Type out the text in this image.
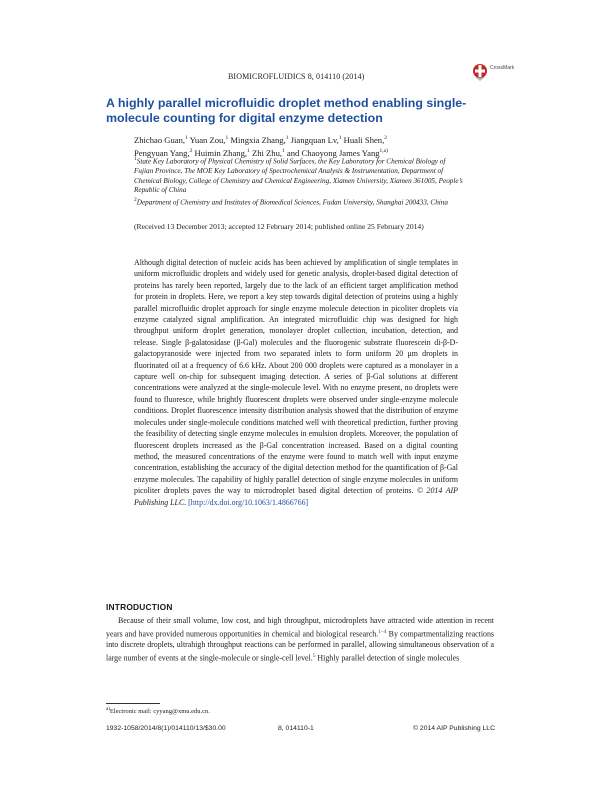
CrossMark
BIOMICROFLUIDICS 8, 014110 (2014)
A highly parallel microfluidic droplet method enabling single-molecule counting for digital enzyme detection
Zhichao Guan,$^1$ Yuan Zou,$^1$ Mingxia Zhang,$^1$ Jiangquan Lv,$^1$ Huali Shen,$^2$
Pengyuan Yang,$^2$ Huimin Zhang,$^1$ Zhi Zhu,$^1$ and Chaoyong James Yang$^{1,a)}$
$^1$State Key Laboratory of Physical Chemistry of Solid Surfaces, the Key Laboratory for Chemical Biology of Fujian Province, The MOE Key Laboratory of Spectrochemical Analysis & Instrumentation, Department of Chemical Biology, College of Chemistry and Chemical Engineering, Xiamen University, Xiamen 361005, People’s Republic of China
$^2$Department of Chemistry and Institutes of Biomedical Sciences, Fudan University, Shanghai 200433, China
(Received 13 December 2013; accepted 12 February 2014; published online 25 February 2014)
Although digital detection of nucleic acids has been achieved by amplification of single templates in uniform microfluidic droplets and widely used for genetic analysis, droplet-based digital detection of proteins has rarely been reported, largely due to the lack of an efficient target amplification method for protein in droplets. Here, we report a key step towards digital detection of proteins using a highly parallel microfluidic droplet approach for single enzyme molecule detection in picoliter droplets via enzyme catalyzed signal amplification. An integrated microfluidic chip was designed for high throughput uniform droplet generation, monolayer droplet collection, incubation, detection, and release. Single β-galatosidase (β-Gal) molecules and the fluorogenic substrate fluorescein di-β-D-galactopyranoside were injected from two separated inlets to form uniform 20 μm droplets in fluorinated oil at a frequency of 6.6 kHz. About 200 000 droplets were captured as a monolayer in a capture well on-chip for subsequent imaging detection. A series of β-Gal solutions at different concentrations were analyzed at the single-molecule level. With no enzyme present, no droplets were found to fluoresce, while brightly fluorescent droplets were observed under single-enzyme molecule conditions. Droplet fluorescence intensity distribution analysis showed that the distribution of enzyme molecules under single-molecule conditions matched well with theoretical prediction, further proving the feasibility of detecting single enzyme molecules in emulsion droplets. Moreover, the population of fluorescent droplets increased as the β-Gal concentration increased. Based on a digital counting method, the measured concentrations of the enzyme were found to match well with input enzyme concentration, establishing the accuracy of the digital detection method for the quantification of β-Gal enzyme molecules. The capability of highly parallel detection of single enzyme molecules in uniform picoliter droplets paves the way to microdroplet based digital detection of proteins. © 2014 AIP Publishing LLC. [http://dx.doi.org/10.1063/1.4866766]
INTRODUCTION
Because of their small volume, low cost, and high throughput, microdroplets have attracted wide attention in recent years and have provided numerous opportunities in chemical and biological research.$^{1-4}$ By compartmentalizing reactions into discrete droplets, ultrahigh throughput reactions can be performed in parallel, allowing simultaneous observation of a large number of events at the single-molecule or single-cell level.$^5$ Highly parallel detection of single molecules
$^{a)}$Electronic mail: cyyang@xmu.edu.cn.
1932-1058/2014/8(1)/014110/13/$30.00	8, 014110-1	© 2014 AIP Publishing LLC
